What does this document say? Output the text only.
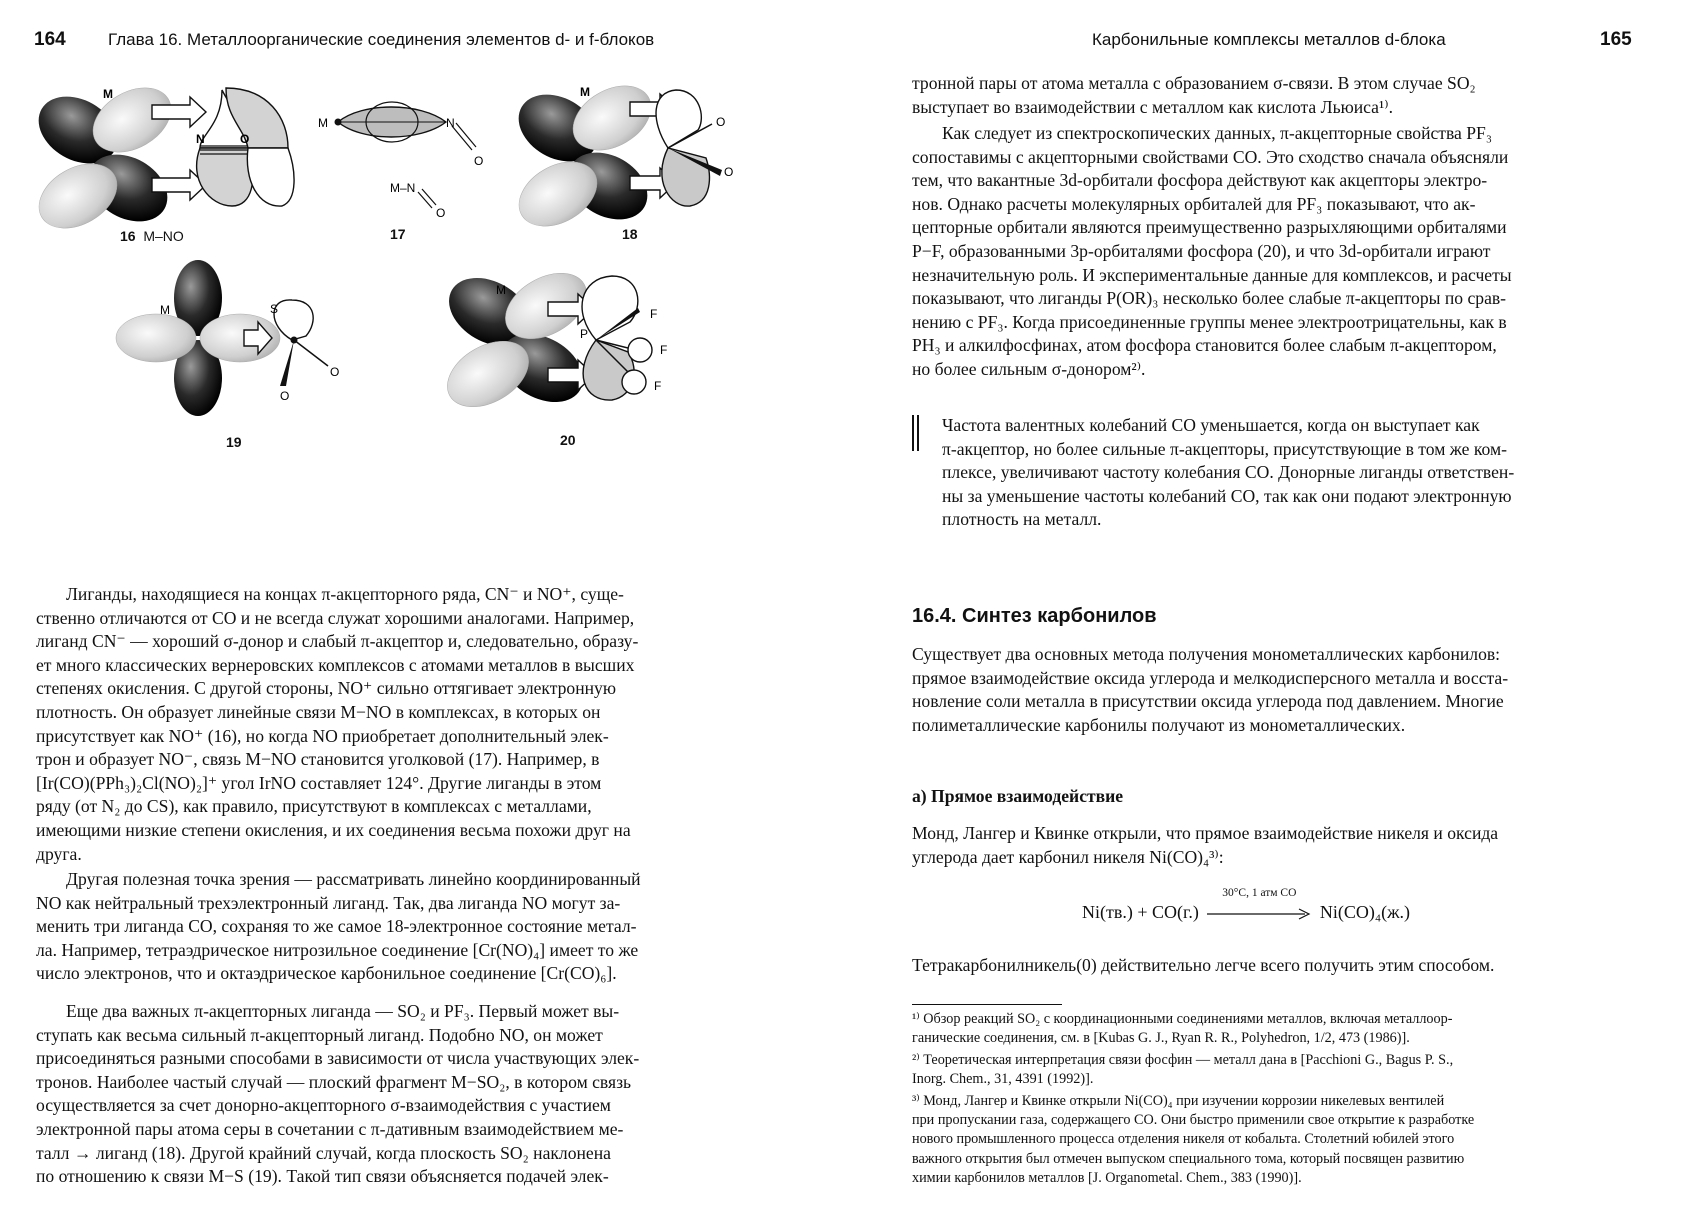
164 Глава 16. Металлоорганические соединения элементов d- и f-блоков
M
N	O
M	N
O
M–N
O
M
O
O
M	S
O
O
M
P
F
F
F
16 M–NO	17	18
19	20
Лиганды, находящиеся на концах π-акцепторного ряда, CN⁻ и NO⁺, суще-
ственно отличаются от CO и не всегда служат хорошими аналогами. Например,
лиганд CN⁻ — хороший σ-донор и слабый π-акцептор и, следовательно, образу-
ет много классических вернеровских комплексов с атомами металлов в высших
степенях окисления. С другой стороны, NO⁺ сильно оттягивает электронную
плотность. Он образует линейные связи M−NO в комплексах, в которых он
присутствует как NO⁺ (16), но когда NO приобретает дополнительный элек-
трон и образует NO⁻, связь M−NO становится уголковой (17). Например, в
[Ir(CO)(PPh₃)₂Cl(NO)₂]⁺ угол IrNO составляет 124°. Другие лиганды в этом
ряду (от N₂ до CS), как правило, присутствуют в комплексах с металлами,
имеющими низкие степени окисления, и их соединения весьма похожи друг на
друга.
Другая полезная точка зрения — рассматривать линейно координированный
NO как нейтральный трехэлектронный лиганд. Так, два лиганда NO могут за-
менить три лиганда CO, сохраняя то же самое 18-электронное состояние метал-
ла. Например, тетраэдрическое нитрозильное соединение [Cr(NO)₄] имеет то же
число электронов, что и октаэдрическое карбонильное соединение [Cr(CO)₆].
Еще два важных π-акцепторных лиганда — SO₂ и PF₃. Первый может вы-
ступать как весьма сильный π-акцепторный лиганд. Подобно NO, он может
присоединяться разными способами в зависимости от числа участвующих элек-
тронов. Наиболее частый случай — плоский фрагмент M−SO₂, в котором связь
осуществляется за счет донорно-акцепторного σ-взаимодействия с участием
электронной пары атома серы в сочетании с π-дативным взаимодействием ме-
талл → лиганд (18). Другой крайний случай, когда плоскость SO₂ наклонена
по отношению к связи M−S (19). Такой тип связи объясняется подачей элек-
Карбонильные комплексы металлов d-блока	165
тронной пары от атома металла с образованием σ-связи. В этом случае SO₂
выступает во взаимодействии с металлом как кислота Льюиса¹⁾.
Как следует из спектроскопических данных, π-акцепторные свойства PF₃
сопоставимы с акцепторными свойствами CO. Это сходство сначала объясняли
тем, что вакантные 3d-орбитали фосфора действуют как акцепторы электро-
нов. Однако расчеты молекулярных орбиталей для PF₃ показывают, что ак-
цепторные орбитали являются преимущественно разрыхляющими орбиталями
P−F, образованными 3p-орбиталями фосфора (20), и что 3d-орбитали играют
незначительную роль. И экспериментальные данные для комплексов, и расчеты
показывают, что лиганды P(OR)₃ несколько более слабые π-акцепторы по срав-
нению с PF₃. Когда присоединенные группы менее электроотрицательны, как в
PH₃ и алкилфосфинах, атом фосфора становится более слабым π-акцептором,
но более сильным σ-донором²⁾.
Частота валентных колебаний CO уменьшается, когда он выступает как
π-акцептор, но более сильные π-акцепторы, присутствующие в том же ком-
плексе, увеличивают частоту колебания CO. Донорные лиганды ответствен-
ны за уменьшение частоты колебаний CO, так как они подают электронную
плотность на металл.
16.4. Синтез карбонилов
Существует два основных метода получения монометаллических карбонилов:
прямое взаимодействие оксида углерода и мелкодисперсного металла и восста-
новление соли металла в присутствии оксида углерода под давлением. Многие
полиметаллические карбонилы получают из монометаллических.
а) Прямое взаимодействие
Монд, Лангер и Квинке открыли, что прямое взаимодействие никеля и оксида
углерода дает карбонил никеля Ni(CO)₄³⁾:
Ni(тв.) + CO(г.)
30°C, 1 атм CO
Ni(CO)₄(ж.)
Тетракарбонилникель(0) действительно легче всего получить этим способом.
¹⁾ Обзор реакций SO₂ с координационными соединениями металлов, включая металлоор-
ганические соединения, см. в [Kubas G. J., Ryan R. R., Polyhedron, 1/2, 473 (1986)].
²⁾ Теоретическая интерпретация связи фосфин — металл дана в [Pacchioni G., Bagus P. S.,
Inorg. Chem., 31, 4391 (1992)].
³⁾ Монд, Лангер и Квинке открыли Ni(CO)₄ при изучении коррозии никелевых вентилей
при пропускании газа, содержащего CO. Они быстро применили свое открытие к разработке
нового промышленного процесса отделения никеля от кобальта. Столетний юбилей этого
важного открытия был отмечен выпуском специального тома, который посвящен развитию
химии карбонилов металлов [J. Organometal. Chem., 383 (1990)].
